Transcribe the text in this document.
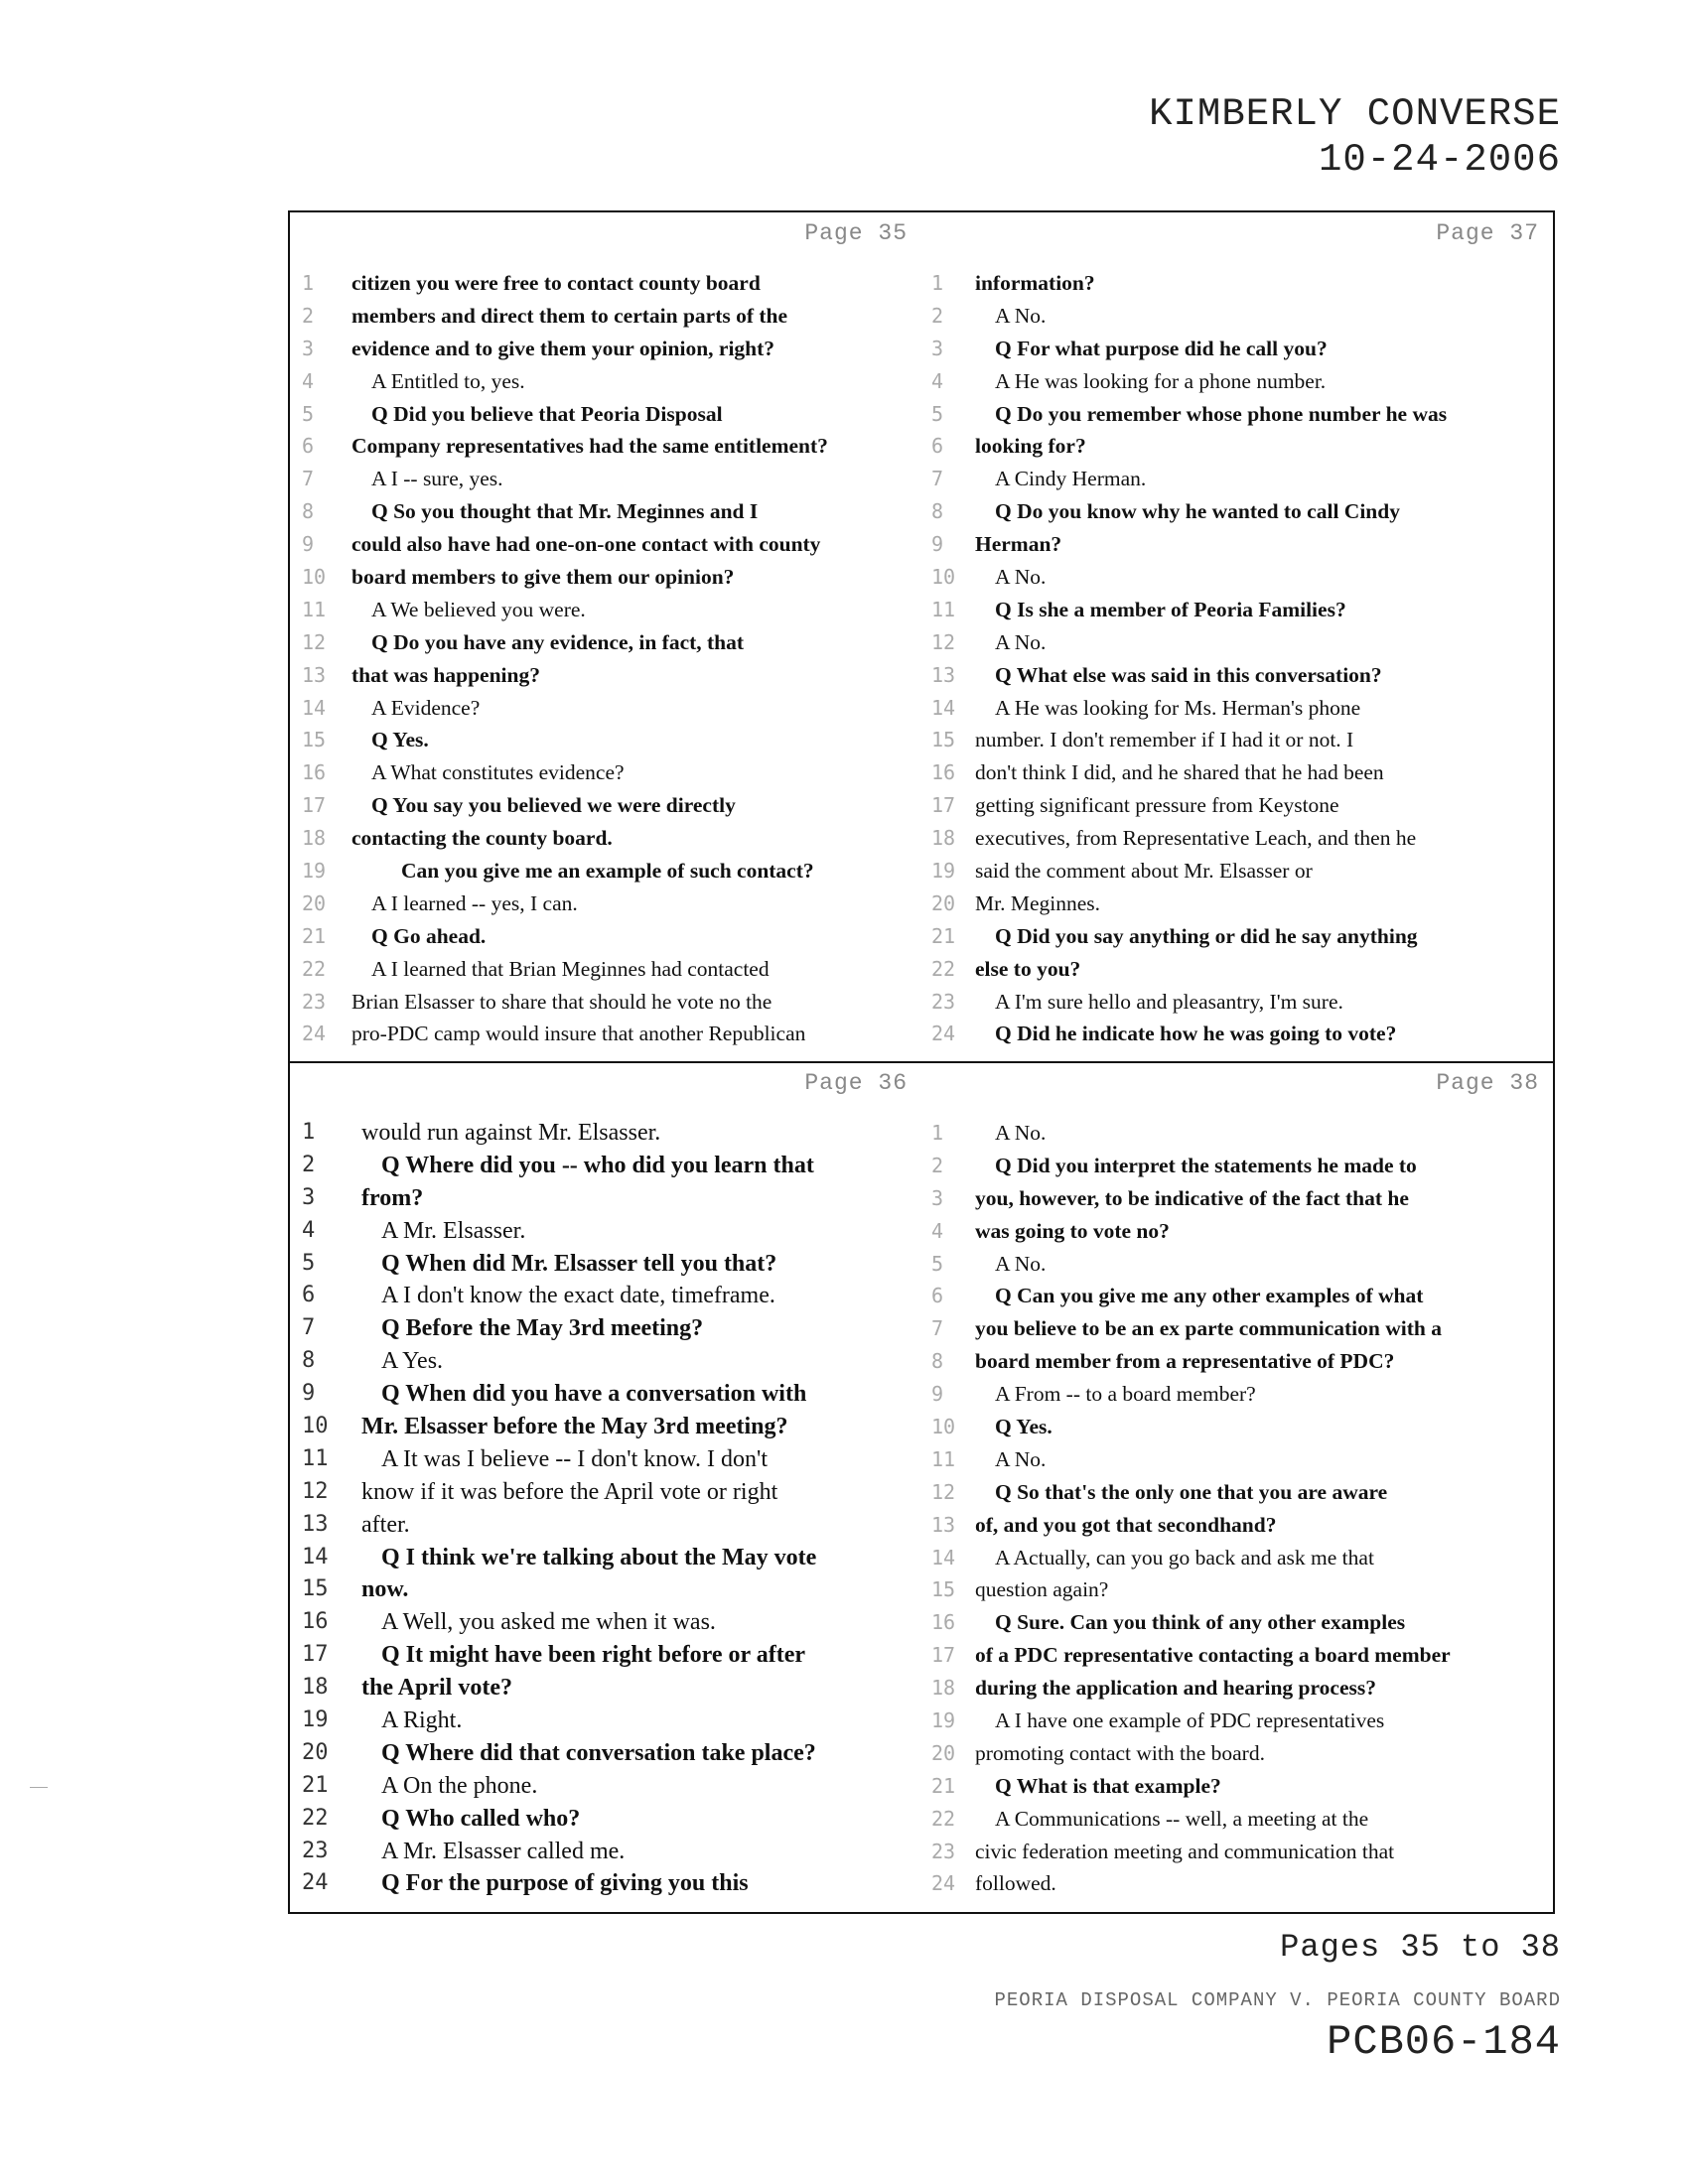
KIMBERLY CONVERSE
10-24-2006
Page 35
1	citizen you were free to contact county board
2	members and direct them to certain parts of the
3	evidence and to give them your opinion, right?
4	A Entitled to, yes.
5	Q Did you believe that Peoria Disposal
6	Company representatives had the same entitlement?
7	A I -- sure, yes.
8	Q So you thought that Mr. Meginnes and I
9	could also have had one-on-one contact with county
10 board members to give them our opinion?
11	A We believed you were.
12	Q Do you have any evidence, in fact, that
13 that was happening?
14	A Evidence?
15	Q Yes.
16	A What constitutes evidence?
17	Q You say you believed we were directly
18 contacting the county board.
19	Can you give me an example of such contact?
20	A I learned -- yes, I can.
21	Q Go ahead.
22	A I learned that Brian Meginnes had contacted
23 Brian Elsasser to share that should he vote no the
24 pro-PDC camp would insure that another Republican
Page 37
1	information?
2	A No.
3	Q For what purpose did he call you?
4	A He was looking for a phone number.
5	Q Do you remember whose phone number he was
6	looking for?
7	A Cindy Herman.
8	Q Do you know why he wanted to call Cindy
9	Herman?
10	A No.
11	Q Is she a member of Peoria Families?
12	A No.
13	Q What else was said in this conversation?
14	A He was looking for Ms. Herman's phone
15 number. I don't remember if I had it or not. I
16 don't think I did, and he shared that he had been
17 getting significant pressure from Keystone
18 executives, from Representative Leach, and then he
19 said the comment about Mr. Elsasser or
20 Mr. Meginnes.
21	Q Did you say anything or did he say anything
22 else to you?
23	A I'm sure hello and pleasantry, I'm sure.
24	Q Did he indicate how he was going to vote?
Page 36
1	would run against Mr. Elsasser.
2	Q Where did you -- who did you learn that
3	from?
4	A Mr. Elsasser.
5	Q When did Mr. Elsasser tell you that?
6	A I don't know the exact date, timeframe.
7	Q Before the May 3rd meeting?
8	A Yes.
9	Q When did you have a conversation with
10 Mr. Elsasser before the May 3rd meeting?
11	A It was I believe -- I don't know. I don't
12 know if it was before the April vote or right
13 after.
14	Q I think we're talking about the May vote
15 now.
16	A Well, you asked me when it was.
17	Q It might have been right before or after
18 the April vote?
19	A Right.
20	Q Where did that conversation take place?
21	A On the phone.
22	Q Who called who?
23	A Mr. Elsasser called me.
24	Q For the purpose of giving you this
Page 38
1	A No.
2	Q Did you interpret the statements he made to
3	you, however, to be indicative of the fact that he
4	was going to vote no?
5	A No.
6	Q Can you give me any other examples of what
7	you believe to be an ex parte communication with a
8	board member from a representative of PDC?
9	A From -- to a board member?
10	Q Yes.
11	A No.
12	Q So that's the only one that you are aware
13 of, and you got that secondhand?
14	A Actually, can you go back and ask me that
15 question again?
16	Q Sure. Can you think of any other examples
17 of a PDC representative contacting a board member
18 during the application and hearing process?
19	A I have one example of PDC representatives
20 promoting contact with the board.
21	Q What is that example?
22	A Communications -- well, a meeting at the
23 civic federation meeting and communication that
24 followed.
Pages 35 to 38
PEORIA DISPOSAL COMPANY V. PEORIA COUNTY BOARD
PCB06-184
